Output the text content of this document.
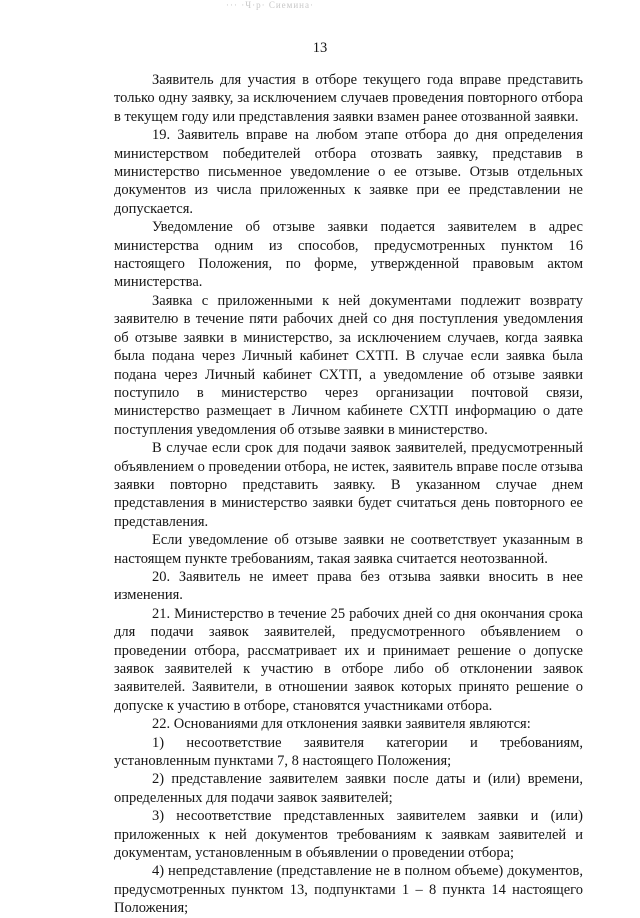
··· ·Ч·р· Сиемина·
13

Заявитель для участия в отборе текущего года вправе представить только одну заявку, за исключением случаев проведения повторного отбора в текущем году или представления заявки взамен ранее отозванной заявки.

19. Заявитель вправе на любом этапе отбора до дня определения министерством победителей отбора отозвать заявку, представив в министерство письменное уведомление о ее отзыве. Отзыв отдельных документов из числа приложенных к заявке при ее представлении не допускается.

Уведомление об отзыве заявки подается заявителем в адрес министерства одним из способов, предусмотренных пунктом 16 настоящего Положения, по форме, утвержденной правовым актом министерства.

Заявка с приложенными к ней документами подлежит возврату заявителю в течение пяти рабочих дней со дня поступления уведомления об отзыве заявки в министерство, за исключением случаев, когда заявка была подана через Личный кабинет СХТП. В случае если заявка была подана через Личный кабинет СХТП, а уведомление об отзыве заявки поступило в министерство через организации почтовой связи, министерство размещает в Личном кабинете СХТП информацию о дате поступления уведомления об отзыве заявки в министерство.

В случае если срок для подачи заявок заявителей, предусмотренный объявлением о проведении отбора, не истек, заявитель вправе после отзыва заявки повторно представить заявку. В указанном случае днем представления в министерство заявки будет считаться день повторного ее представления.

Если уведомление об отзыве заявки не соответствует указанным в настоящем пункте требованиям, такая заявка считается неотозванной.

20. Заявитель не имеет права без отзыва заявки вносить в нее изменения.

21. Министерство в течение 25 рабочих дней со дня окончания срока для подачи заявок заявителей, предусмотренного объявлением о проведении отбора, рассматривает их и принимает решение о допуске заявок заявителей к участию в отборе либо об отклонении заявок заявителей. Заявители, в отношении заявок которых принято решение о допуске к участию в отборе, становятся участниками отбора.

22. Основаниями для отклонения заявки заявителя являются:

1) несоответствие заявителя категории и требованиям, установленным пунктами 7, 8 настоящего Положения;

2) представление заявителем заявки после даты и (или) времени, определенных для подачи заявок заявителей;

3) несоответствие представленных заявителем заявки и (или) приложенных к ней документов требованиям к заявкам заявителей и документам, установленным в объявлении о проведении отбора;

4) непредставление (представление не в полном объеме) документов, предусмотренных пунктом 13, подпунктами 1 – 8 пункта 14 настоящего Положения;
